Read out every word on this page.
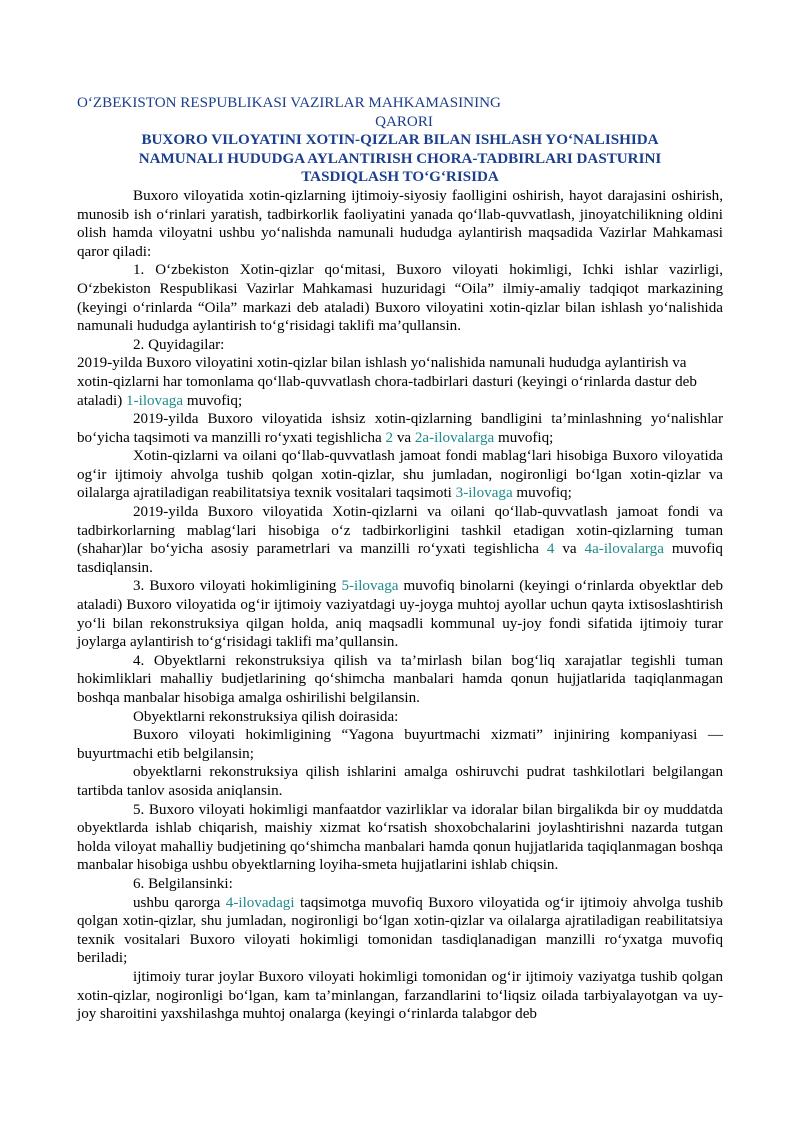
O‘ZBEKISTON RESPUBLIKASI VAZIRLAR MAHKAMASINING
QARORI
BUXORO VILOYATINI XOTIN-QIZLAR BILAN ISHLASH YO‘NALISHIDA
NAMUNALI HUDUDGA AYLANTIRISH CHORA-TADBIRLARI DASTURINI
TASDIQLASH TO‘G‘RISIDA

Buxoro viloyatida xotin-qizlarning ijtimoiy-siyosiy faolligini oshirish, hayot darajasini oshirish, munosib ish o‘rinlari yaratish, tadbirkorlik faoliyatini yanada qo‘llab-quvvatlash, jinoyatchilikning oldini olish hamda viloyatni ushbu yo‘nalishda namunali hududga aylantirish maqsadida Vazirlar Mahkamasi qaror qiladi:

1. O‘zbekiston Xotin-qizlar qo‘mitasi, Buxoro viloyati hokimligi, Ichki ishlar vazirligi, O‘zbekiston Respublikasi Vazirlar Mahkamasi huzuridagi “Oila” ilmiy-amaliy tadqiqot markazining (keyingi o‘rinlarda “Oila” markazi deb ataladi) Buxoro viloyatini xotin-qizlar bilan ishlash yo‘nalishida namunali hududga aylantirish to‘g‘risidagi taklifi ma’qullansin.

2. Quyidagilar:

2019-yilda Buxoro viloyatini xotin-qizlar bilan ishlash yo‘nalishida namunali hududga aylantirish va xotin-qizlarni har tomonlama qo‘llab-quvvatlash chora-tadbirlari dasturi (keyingi o‘rinlarda dastur deb ataladi) 1-ilovaga muvofiq;

2019-yilda Buxoro viloyatida ishsiz xotin-qizlarning bandligini ta’minlashning yo‘nalishlar bo‘yicha taqsimoti va manzilli ro‘yxati tegishlicha 2 va 2a-ilovalarga muvofiq;

Xotin-qizlarni va oilani qo‘llab-quvvatlash jamoat fondi mablag‘lari hisobiga Buxoro viloyatida og‘ir ijtimoiy ahvolga tushib qolgan xotin-qizlar, shu jumladan, nogironligi bo‘lgan xotin-qizlar va oilalarga ajratiladigan reabilitatsiya texnik vositalari taqsimoti 3-ilovaga muvofiq;

2019-yilda Buxoro viloyatida Xotin-qizlarni va oilani qo‘llab-quvvatlash jamoat fondi va tadbirkorlarning mablag‘lari hisobiga o‘z tadbirkorligini tashkil etadigan xotin-qizlarning tuman (shahar)lar bo‘yicha asosiy parametrlari va manzilli ro‘yxati tegishlicha 4 va 4a-ilovalarga muvofiq tasdiqlansin.

3. Buxoro viloyati hokimligining 5-ilovaga muvofiq binolarni (keyingi o‘rinlarda obyektlar deb ataladi) Buxoro viloyatida og‘ir ijtimoiy vaziyatdagi uy-joyga muhtoj ayollar uchun qayta ixtisoslashtirish yo‘li bilan rekonstruksiya qilgan holda, aniq maqsadli kommunal uy-joy fondi sifatida ijtimoiy turar joylarga aylantirish to‘g‘risidagi taklifi ma’qullansin.

4. Obyektlarni rekonstruksiya qilish va ta’mirlash bilan bog‘liq xarajatlar tegishli tuman hokimliklari mahalliy budjetlarining qo‘shimcha manbalari hamda qonun hujjatlarida taqiqlanmagan boshqa manbalar hisobiga amalga oshirilishi belgilansin.

Obyektlarni rekonstruksiya qilish doirasida:

Buxoro viloyati hokimligining “Yagona buyurtmachi xizmati” injiniring kompaniyasi — buyurtmachi etib belgilansin;

obyektlarni rekonstruksiya qilish ishlarini amalga oshiruvchi pudrat tashkilotlari belgilangan tartibda tanlov asosida aniqlansin.

5. Buxoro viloyati hokimligi manfaatdor vazirliklar va idoralar bilan birgalikda bir oy muddatda obyektlarda ishlab chiqarish, maishiy xizmat ko‘rsatish shoxobchalarini joylashtirishni nazarda tutgan holda viloyat mahalliy budjetining qo‘shimcha manbalari hamda qonun hujjatlarida taqiqlanmagan boshqa manbalar hisobiga ushbu obyektlarning loyiha-smeta hujjatlarini ishlab chiqsin.

6. Belgilansinki:

ushbu qarorga 4-ilovadagi taqsimotga muvofiq Buxoro viloyatida og‘ir ijtimoiy ahvolga tushib qolgan xotin-qizlar, shu jumladan, nogironligi bo‘lgan xotin-qizlar va oilalarga ajratiladigan reabilitatsiya texnik vositalari Buxoro viloyati hokimligi tomonidan tasdiqlanadigan manzilli ro‘yxatga muvofiq beriladi;

ijtimoiy turar joylar Buxoro viloyati hokimligi tomonidan og‘ir ijtimoiy vaziyatga tushib qolgan xotin-qizlar, nogironligi bo‘lgan, kam ta’minlangan, farzandlarini to‘liqsiz oilada tarbiyalayotgan va uy-joy sharoitini yaxshilashga muhtoj onalarga (keyingi o‘rinlarda talabgor deb
